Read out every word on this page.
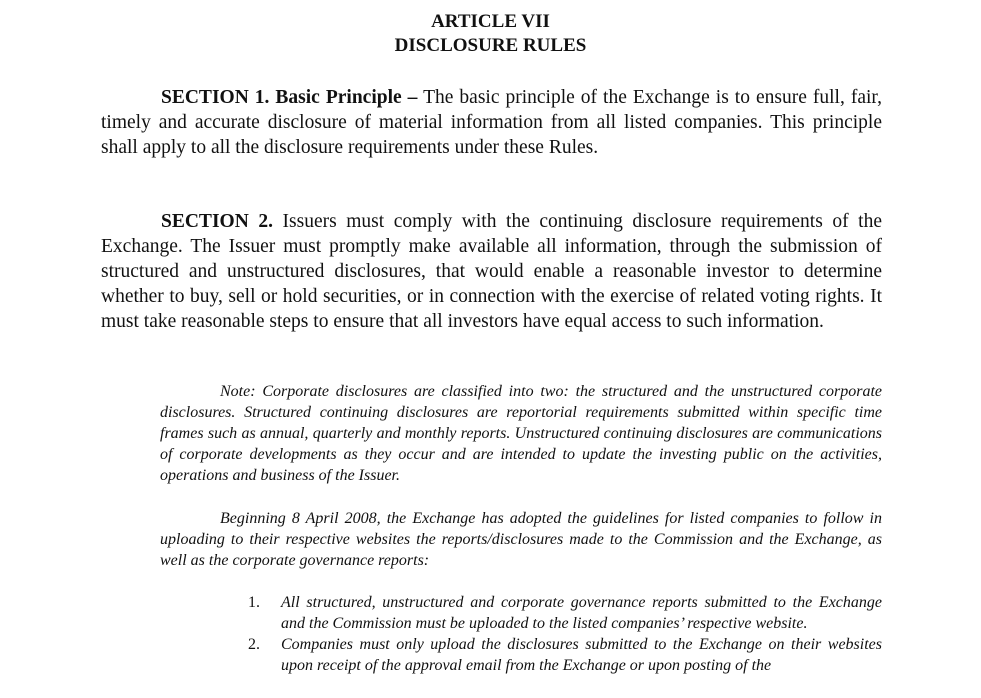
ARTICLE VII
DISCLOSURE RULES
SECTION 1. Basic Principle – The basic principle of the Exchange is to ensure full, fair, timely and accurate disclosure of material information from all listed companies. This principle shall apply to all the disclosure requirements under these Rules.
SECTION 2. Issuers must comply with the continuing disclosure requirements of the Exchange. The Issuer must promptly make available all information, through the submission of structured and unstructured disclosures, that would enable a reasonable investor to determine whether to buy, sell or hold securities, or in connection with the exercise of related voting rights. It must take reasonable steps to ensure that all investors have equal access to such information.
Note: Corporate disclosures are classified into two: the structured and the unstructured corporate disclosures. Structured continuing disclosures are reportorial requirements submitted within specific time frames such as annual, quarterly and monthly reports. Unstructured continuing disclosures are communications of corporate developments as they occur and are intended to update the investing public on the activities, operations and business of the Issuer.
Beginning 8 April 2008, the Exchange has adopted the guidelines for listed companies to follow in uploading to their respective websites the reports/disclosures made to the Commission and the Exchange, as well as the corporate governance reports:
1. All structured, unstructured and corporate governance reports submitted to the Exchange and the Commission must be uploaded to the listed companies’ respective website.
2. Companies must only upload the disclosures submitted to the Exchange on their websites upon receipt of the approval email from the Exchange or upon posting of the
